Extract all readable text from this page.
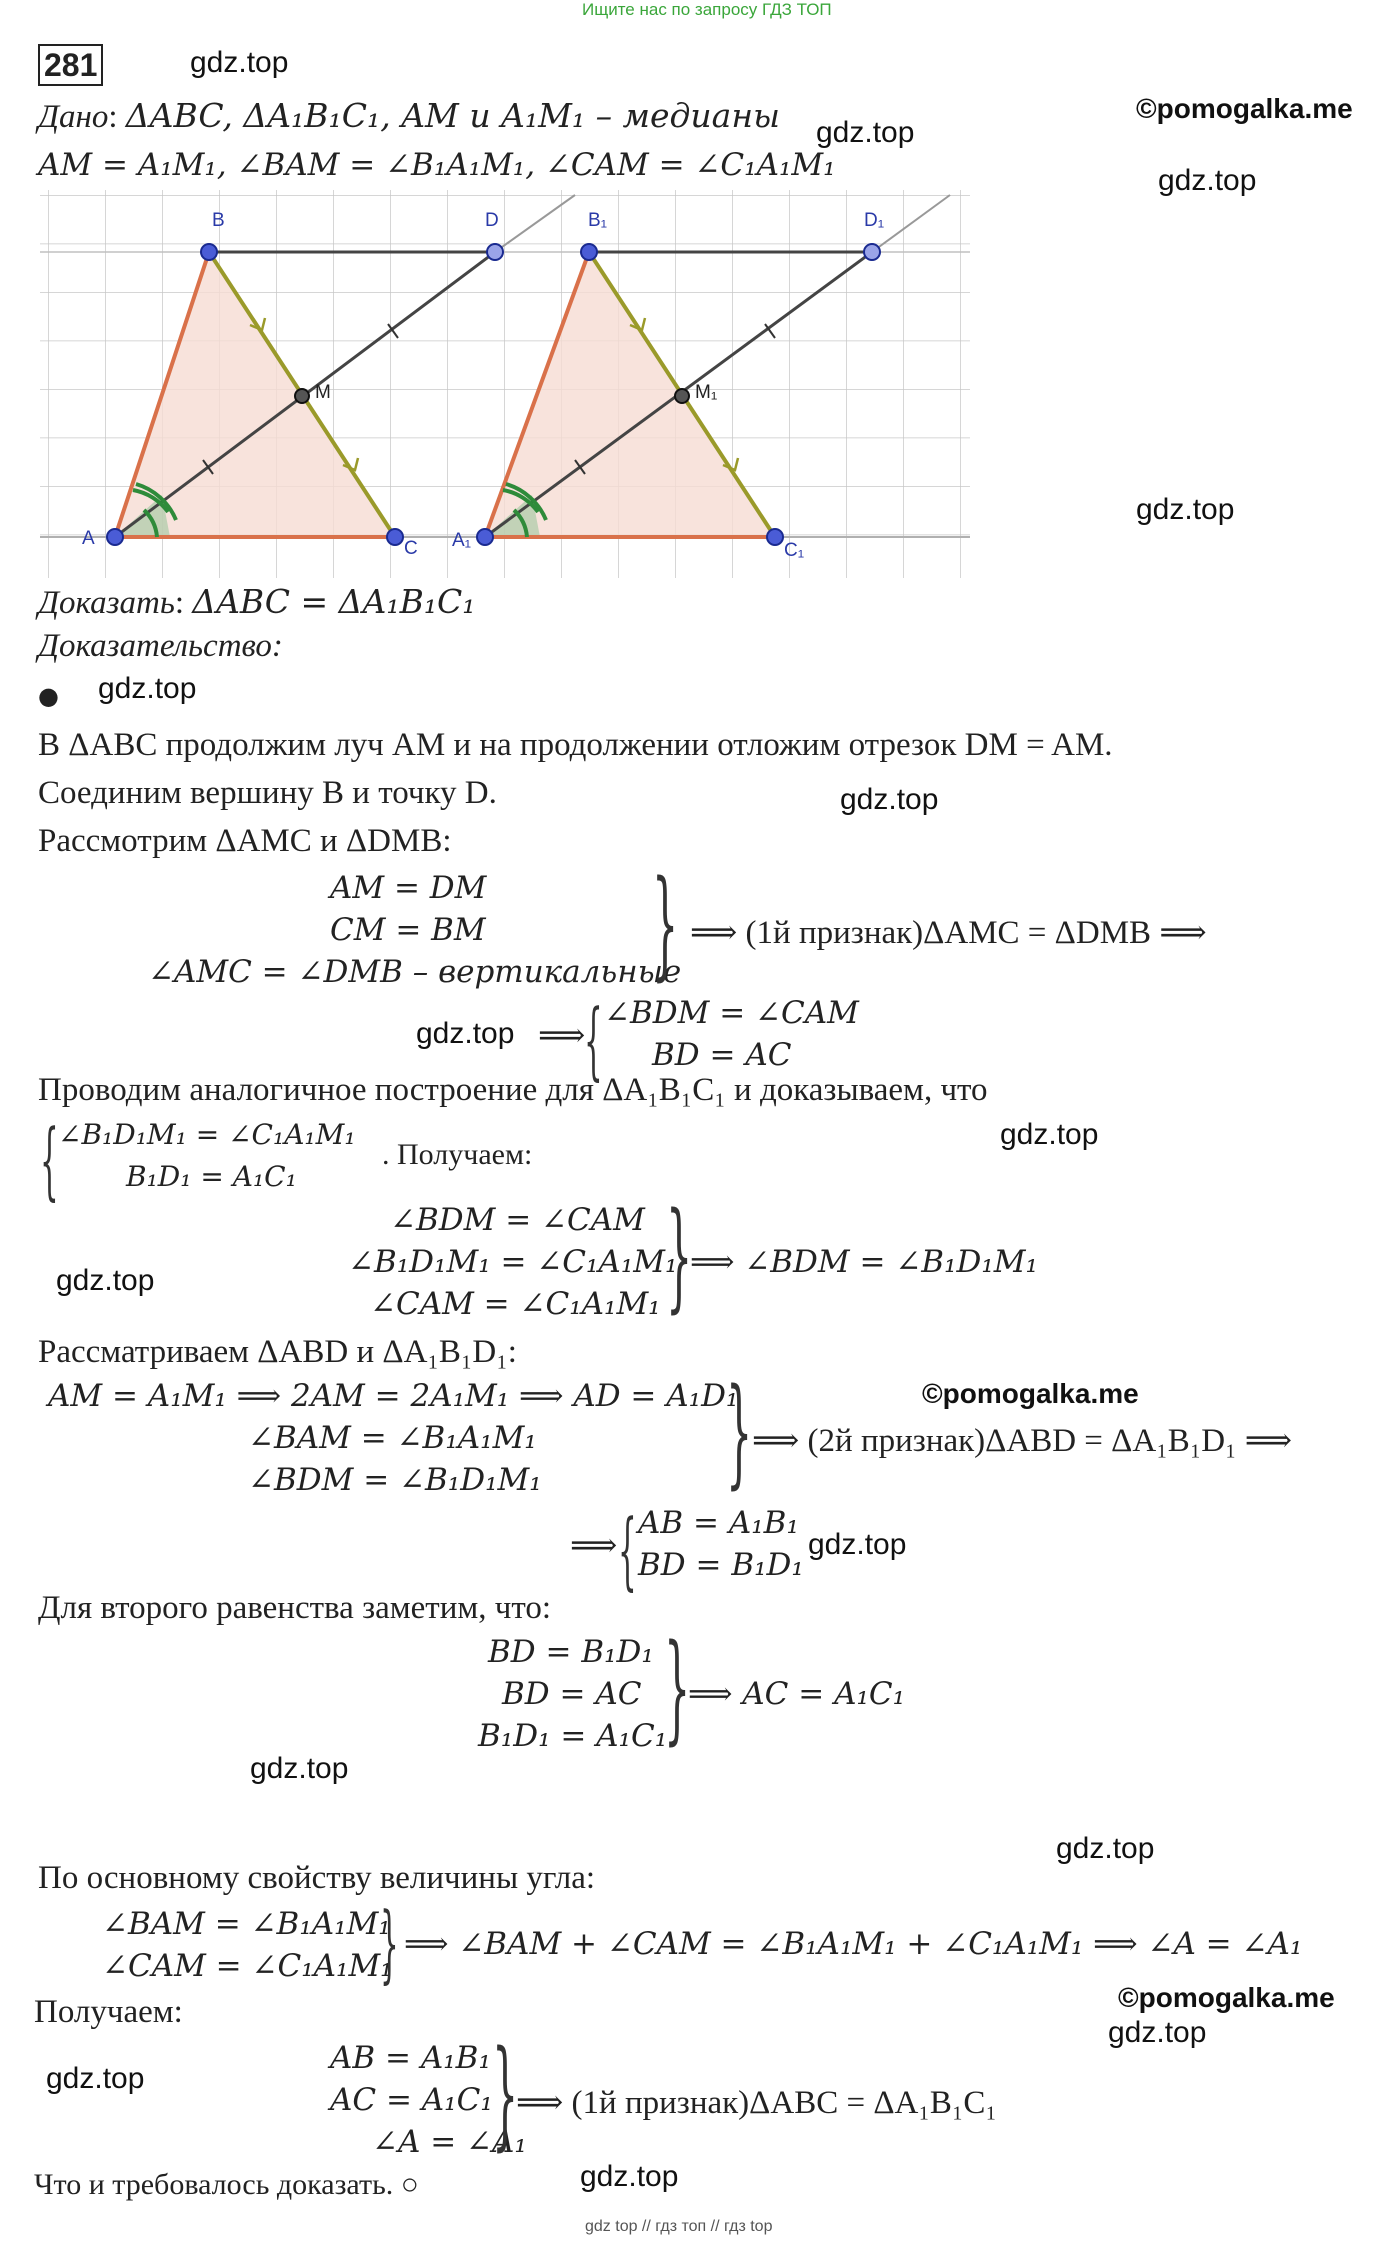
Ищите нас по запросу ГДЗ ТОП
281	gdz.top
©pomogalka.me
gdz.top
gdz.top
Дано: ΔABC, ΔA₁B₁C₁, AM и A₁M₁ – медианы
AM = A₁M₁, ∠BAM = ∠B₁A₁M₁, ∠CAM = ∠C₁A₁M₁
B	D
A	C
B₁	D₁
A₁	C₁
M	M₁
gdz.top
Доказать: ΔABC = ΔA₁B₁C₁
Доказательство:
● gdz.top
В ΔABC продолжим луч AM и на продолжении отложим отрезок DM = AM.
Соединим вершину B и точку D.	gdz.top
Рассмотрим ΔAMC и ΔDMB:
AM = DM
CM = BM
∠AMC = ∠DMB – вертикальные
} ⟹ (1й признак)ΔAMC = ΔDMB ⟹
gdz.top ⟹
{ ∠BDM = ∠CAM
BD = AC
Проводим аналогичное построение для ΔA₁B₁C₁ и доказываем, что
{ ∠B₁D₁M₁ = ∠C₁A₁M₁
B₁D₁ = A₁C₁
. Получаем:
gdz.top
∠BDM = ∠CAM
∠B₁D₁M₁ = ∠C₁A₁M₁
∠CAM = ∠C₁A₁M₁ }
⟹ ∠BDM = ∠B₁D₁M₁
gdz.top
Рассматриваем ΔABD и ΔA₁B₁D₁:
AM = A₁M₁ ⟹ 2AM = 2A₁M₁ ⟹ AD = A₁D₁
∠BAM = ∠B₁A₁M₁
∠BDM = ∠B₁D₁M₁ } ⟹ (2й признак)ΔABD = ΔA₁B₁D₁ ⟹
©pomogalka.me
⟹ { AB = A₁B₁
BD = B₁D₁
gdz.top
Для второго равенства заметим, что:
BD = B₁D₁
BD = AC
B₁D₁ = A₁C₁
}
⟹ AC = A₁C₁
gdz.top
gdz.top
По основному свойству величины угла:
∠BAM = ∠B₁A₁M₁
∠CAM = ∠C₁A₁M₁
} ⟹ ∠BAM + ∠CAM = ∠B₁A₁M₁ + ∠C₁A₁M₁ ⟹ ∠A = ∠A₁
©pomogalka.me
Получаем:
gdz.top
AB = A₁B₁
AC = A₁C₁
∠A = ∠A₁
}
⟹ (1й признак)ΔABC = ΔA₁B₁C₁
gdz.top
Что и требовалось доказать. ○	gdz.top
gdz top // гдз топ // гдз top
